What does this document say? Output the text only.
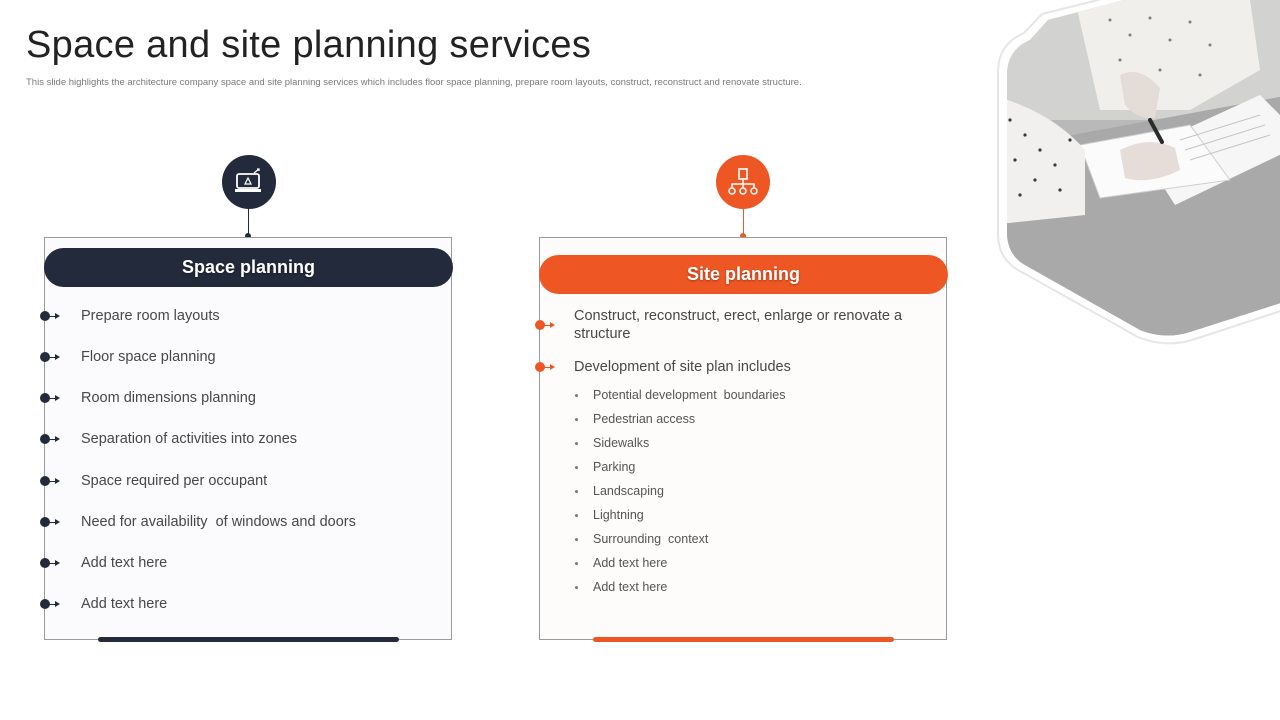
Space and site planning services

This slide highlights the architecture company space and site planning services which includes floor space planning, prepare room layouts, construct, reconstruct and renovate structure.

Space planning	Site planning
Prepare room layouts
Floor space planning
Room dimensions planning
Separation of activities into zones
Space required per occupant
Need for availability  of windows and doors
Add text here
Add text here
Construct, reconstruct, erect, enlarge or renovate a structure
Development of site plan includes
Potential development  boundaries
Pedestrian access
Sidewalks
Parking
Landscaping
Lightning
Surrounding  context
Add text here
Add text here
